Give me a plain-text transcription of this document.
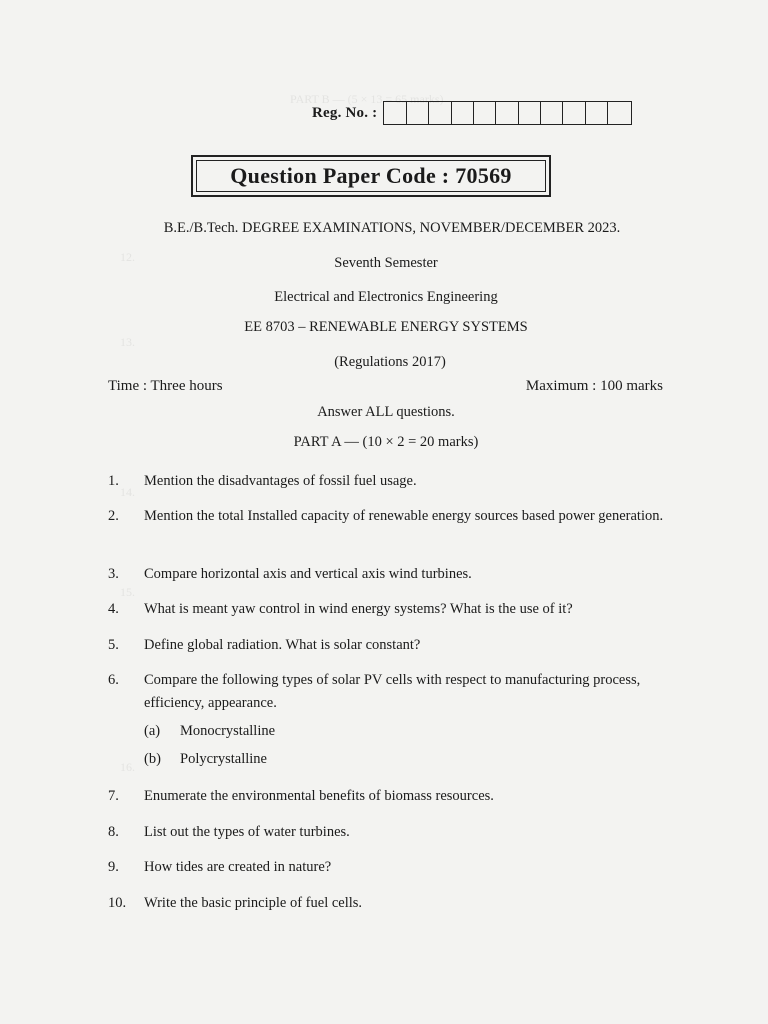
PART B — (5 × 13 = 65 marks)
12.
13.
14.
15.
16.
Reg. No. :
Question Paper Code : 70569
B.E./B.Tech. DEGREE EXAMINATIONS, NOVEMBER/DECEMBER 2023.
Seventh Semester
Electrical and Electronics Engineering
EE 8703 – RENEWABLE ENERGY SYSTEMS
(Regulations 2017)
Time : Three hours	Maximum : 100 marks
Answer ALL questions.
PART A — (10 × 2 = 20 marks)
1.	Mention the disadvantages of fossil fuel usage.
2.	Mention the total Installed capacity of renewable energy sources based power generation.
3.	Compare horizontal axis and vertical axis wind turbines.
4.	What is meant yaw control in wind energy systems? What is the use of it?
5.	Define global radiation. What is solar constant?
6.	Compare the following types of solar PV cells with respect to manufacturing process, efficiency, appearance.
(a) Monocrystalline
(b) Polycrystalline
7.	Enumerate the environmental benefits of biomass resources.
8.	List out the types of water turbines.
9.	How tides are created in nature?
10.	Write the basic principle of fuel cells.
